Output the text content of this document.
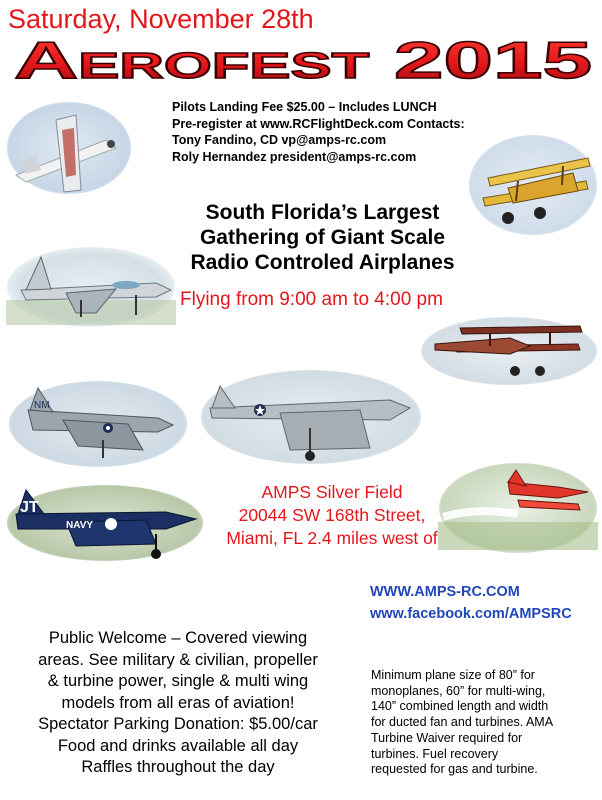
Saturday, November 28th
Aerofest 2015
Pilots Landing Fee $25.00 – Includes LUNCH
Pre-register at www.RCFlightDeck.com Contacts:
Tony Fandino, CD vp@amps-rc.com
Roly Hernandez president@amps-rc.com
South Florida’s Largest
Gathering of Giant Scale
Radio Controled Airplanes
Flying from 9:00 am to 4:00 pm
AMPS Silver Field
20044 SW 168th Street,
Miami, FL 2.4 miles west of
WWW.AMPS-RC.COM
www.facebook.com/AMPSRC
Public Welcome – Covered viewing
areas. See military & civilian, propeller
& turbine power, single & multi wing
models from all eras of aviation!
Spectator Parking Donation: $5.00/car
Food and drinks available all day
Raffles throughout the day
Minimum plane size of 80” for
monoplanes, 60” for multi-wing,
140” combined length and width
for ducted fan and turbines. AMA
Turbine Waiver required for
turbines. Fuel recovery
requested for gas and turbine.
NM
JT
NAVY
